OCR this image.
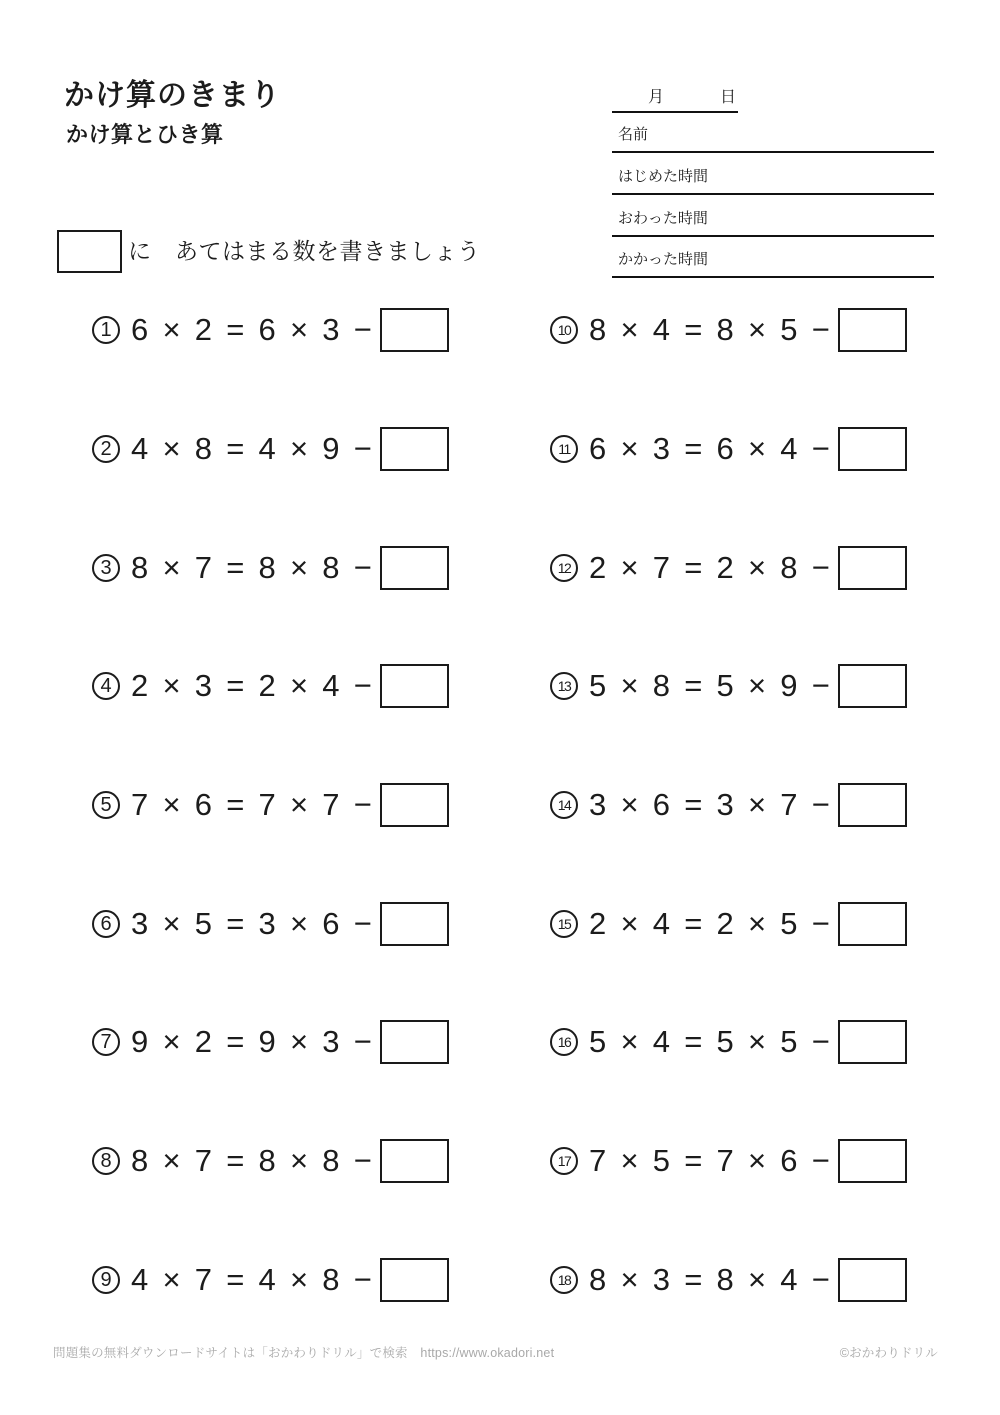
かけ算のきまり
かけ算とひき算
月	日
名前
はじめた時間
おわった時間
かかった時間
に　あてはまる数を書きましょう
1 6 × 2 = 6 × 3 −
2 4 × 8 = 4 × 9 −
3 8 × 7 = 8 × 8 −
4 2 × 3 = 2 × 4 −
5 7 × 6 = 7 × 7 −
6 3 × 5 = 3 × 6 −
7 9 × 2 = 9 × 3 −
8 8 × 7 = 8 × 8 −
9 4 × 7 = 4 × 8 −
10 8 × 4 = 8 × 5 −
11 6 × 3 = 6 × 4 −
12 2 × 7 = 2 × 8 −
13 5 × 8 = 5 × 9 −
14 3 × 6 = 3 × 7 −
15 2 × 4 = 2 × 5 −
16 5 × 4 = 5 × 5 −
17 7 × 5 = 7 × 6 −
18 8 × 3 = 8 × 4 −
問題集の無料ダウンロードサイトは「おかわりドリル」で検索　https://www.okadori.net	©おかわりドリル
